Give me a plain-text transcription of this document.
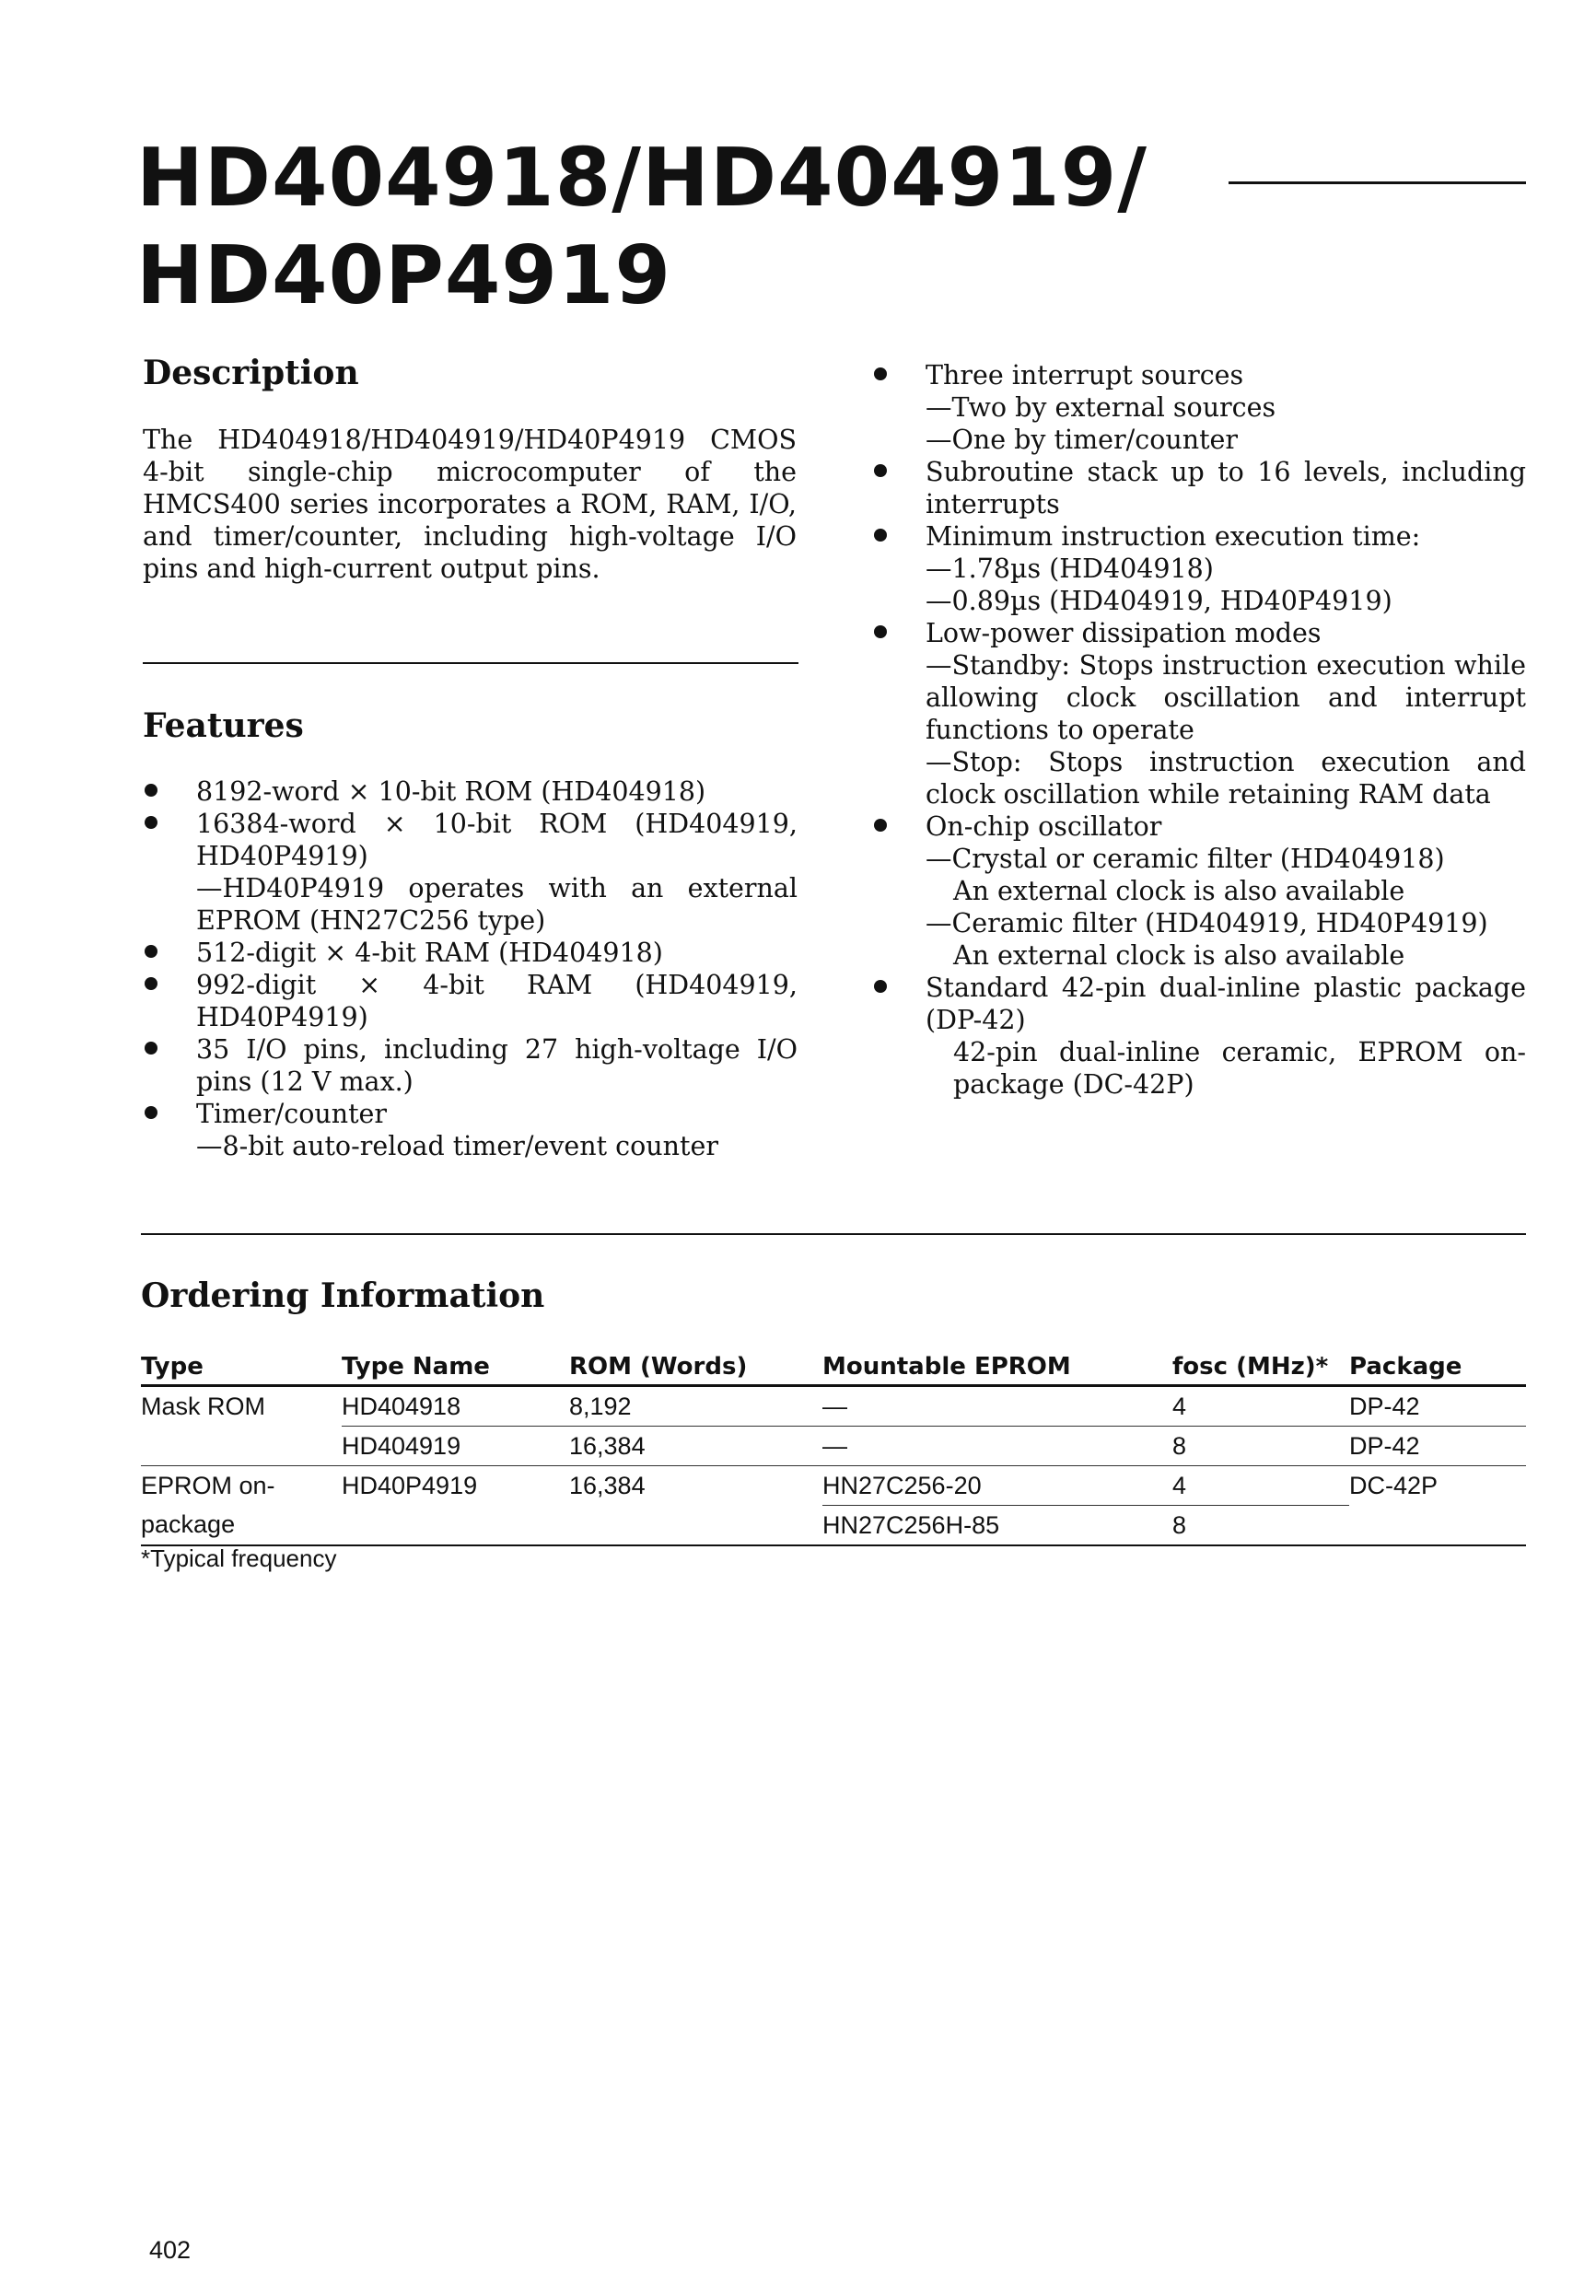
HD404918/HD404919/
HD40P4919
Description

The HD404918/HD404919/HD40P4919 CMOS 4-bit single-chip microcomputer of the HMCS400 series incorporates a ROM, RAM, I/O, and timer/counter, including high-voltage I/O pins and high-current output pins.

Features
8192-word × 10-bit ROM (HD404918)
16384-word × 10-bit ROM (HD404919, HD40P4919)
—HD40P4919 operates with an external EPROM (HN27C256 type)
512-digit × 4-bit RAM (HD404918)
992-digit × 4-bit RAM (HD404919, HD40P4919)
35 I/O pins, including 27 high-voltage I/O pins (12 V max.)
Timer/counter
—8-bit auto-reload timer/event counter
Three interrupt sources
—Two by external sources
—One by timer/counter
Subroutine stack up to 16 levels, including interrupts
Minimum instruction execution time:
—1.78µs (HD404918)
—0.89µs (HD404919, HD40P4919)
Low-power dissipation modes
—Standby: Stops instruction execution while allowing clock oscillation and interrupt functions to operate
—Stop: Stops instruction execution and clock oscillation while retaining RAM data
On-chip oscillator
—Crystal or ceramic filter (HD404918)
An external clock is also available
—Ceramic filter (HD404919, HD40P4919)
An external clock is also available
Standard 42-pin dual-inline plastic package (DP-42)
42-pin dual-inline ceramic, EPROM on-package (DC-42P)
Ordering Information
Type	Type Name	ROM (Words)	Mountable EPROM	fosc (MHz)*	Package
Mask ROM	HD404918	8,192	—	4	DP-42
	HD404919	16,384	—	8	DP-42
EPROM on-	HD40P4919	16,384	HN27C256-20	4	DC-42P
package			HN27C256H-85	8	

*Typical frequency

402
